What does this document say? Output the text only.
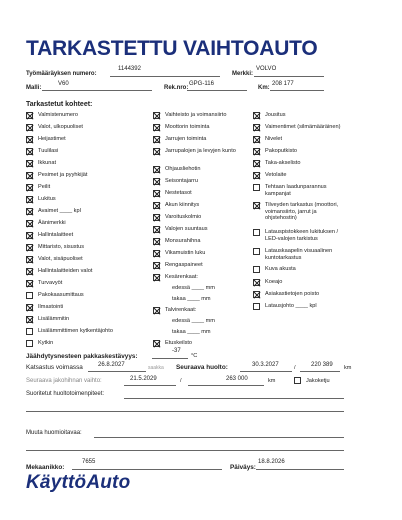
TARKASTETTU VAIHTOAUTO
Työmääräyksen numero:
1144392
Merkki:
VOLVO
Malli:
V60
Rek.nro:
GPG-116
Km:
208 177
Tarkastetut kohteet:
Valmistenumero
Valot, ulkopuoliset
Heijastimet
Tuulilasi
Ikkunat
Pesimet ja pyyhkijät
Peilit
Lukitus
Avaimet ____ kpl
Äänimerkki
Hallintalaitteet
Mittaristo, sisustus
Valot, sisäpuoliset
Hallintalaitteiden valot
Turvavyöt
Pakokaasumittaus
Ilmastointi
Lisälämmitin
Lisälämmittimen kytkentäjohto
Kytkin
Vaihteisto ja voimansiirto
Moottorin toiminta
Jarrujen toiminta
Jarrupalojen ja levyjen kunto
Ohjausliehotin
Seisontajarru
Nestetasot
Akun kiinnitys
Varoituskolmio
Valojen suuntaus
Monsurahihna
Vikamuistin luku
Rengaspaineet
Kesärenkaat:
edessä ____ mm
takaa ____ mm
Talvirenkaat:
edessä ____ mm
takaa ____ mm
Etuskeilsto
Jousitus
Vaimentimet (silmämääräinen)
Nivelet
Pakoputkisto
Taka-akselisto
Vetolaite
Tehtaan laadunparannus kampanjat
Tilveyden tarkastus (moottori, voimansiirto, jarrut ja ohjstehostin)
Latauspistokkeen lukituksen / LED-valojen tarkistus
Latauskaapelin visuaalinen kuntotarkastus
Kuva akusta
Koeajo
Asiakastietojen poisto
Latausjohto ____ kpl
Jäähdytysnesteen pakkaskestävyys:
-37
°C
Katsastus voimassa	26.8.2027	saakka Seuraava huolto:	30.3.2027	/	220 389 km
Seuraava jakohihnan vaihto:	21.5.2029	/	263 000	km	Jakoketju
Suoritetut huoltotoimenpiteet:
Muuta huomioitavaa:
Mekaanikko:
7655
Päiväys:
18.8.2026
KäyttöAuto
